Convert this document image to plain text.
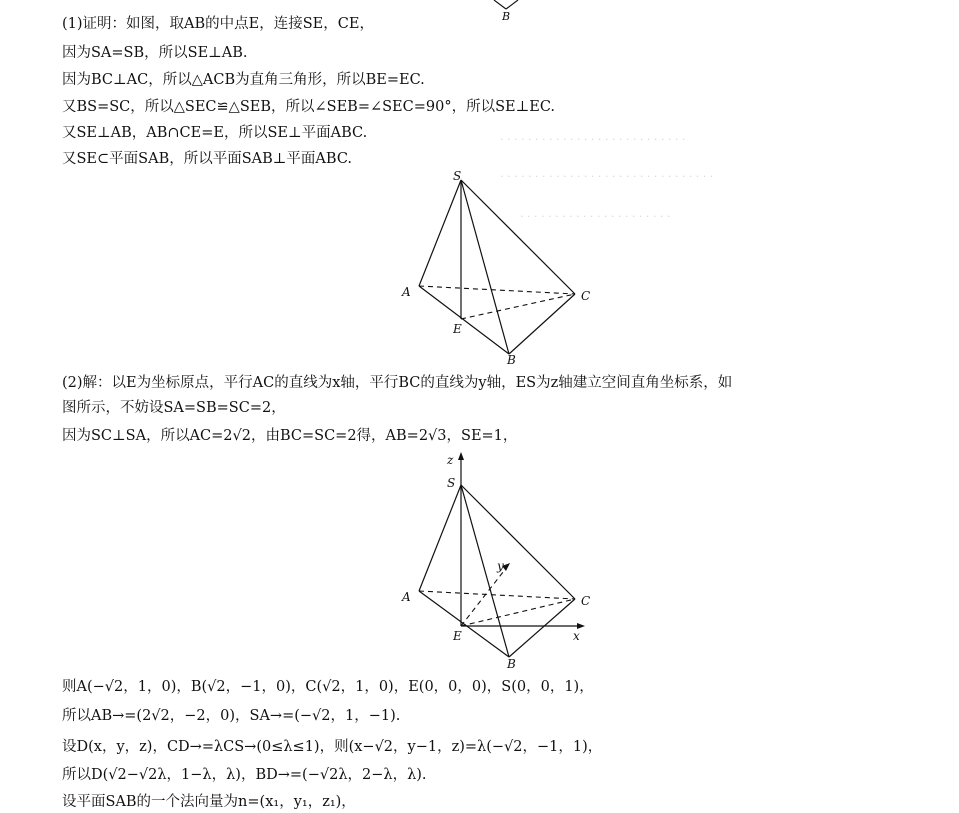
· · · · · · · · · · · · · · · · · · · · · · · · · · ·
· · · · · · · · · · · · · · · · · · · · · · · · · · · · · · ·
· · · · · · · · · · · · · · · · · · · · · ·
B
(1)证明：如图，取AB的中点E，连接SE，CE，
因为SA=SB，所以SE⊥AB.
因为BC⊥AC，所以△ACB为直角三角形，所以BE=EC.
又BS=SC，所以△SEC≌△SEB，所以∠SEB=∠SEC=90°，所以SE⊥EC.
又SE⊥AB，AB∩CE=E，所以SE⊥平面ABC.
又SE⊂平面SAB，所以平面SAB⊥平面ABC.
S
A	C
E
B
(2)解：以E为坐标原点，平行AC的直线为x轴，平行BC的直线为y轴，ES为z轴建立空间直角坐标系，如
图所示，不妨设SA=SB=SC=2，
因为SC⊥SA，所以AC=2√2，由BC=SC=2得，AB=2√3，SE=1，
z
y
x
S
A	C
E
B
则A(−√2，1，0)，B(√2，−1，0)，C(√2，1，0)，E(0，0，0)，S(0，0，1)，
所以AB→=(2√2，−2，0)，SA→=(−√2，1，−1).
设D(x，y，z)，CD→=λCS→(0≤λ≤1)，则(x−√2，y−1，z)=λ(−√2，−1，1)，
所以D(√2−√2λ，1−λ，λ)，BD→=(−√2λ，2−λ，λ).
设平面SAB的一个法向量为n=(x₁，y₁，z₁)，
